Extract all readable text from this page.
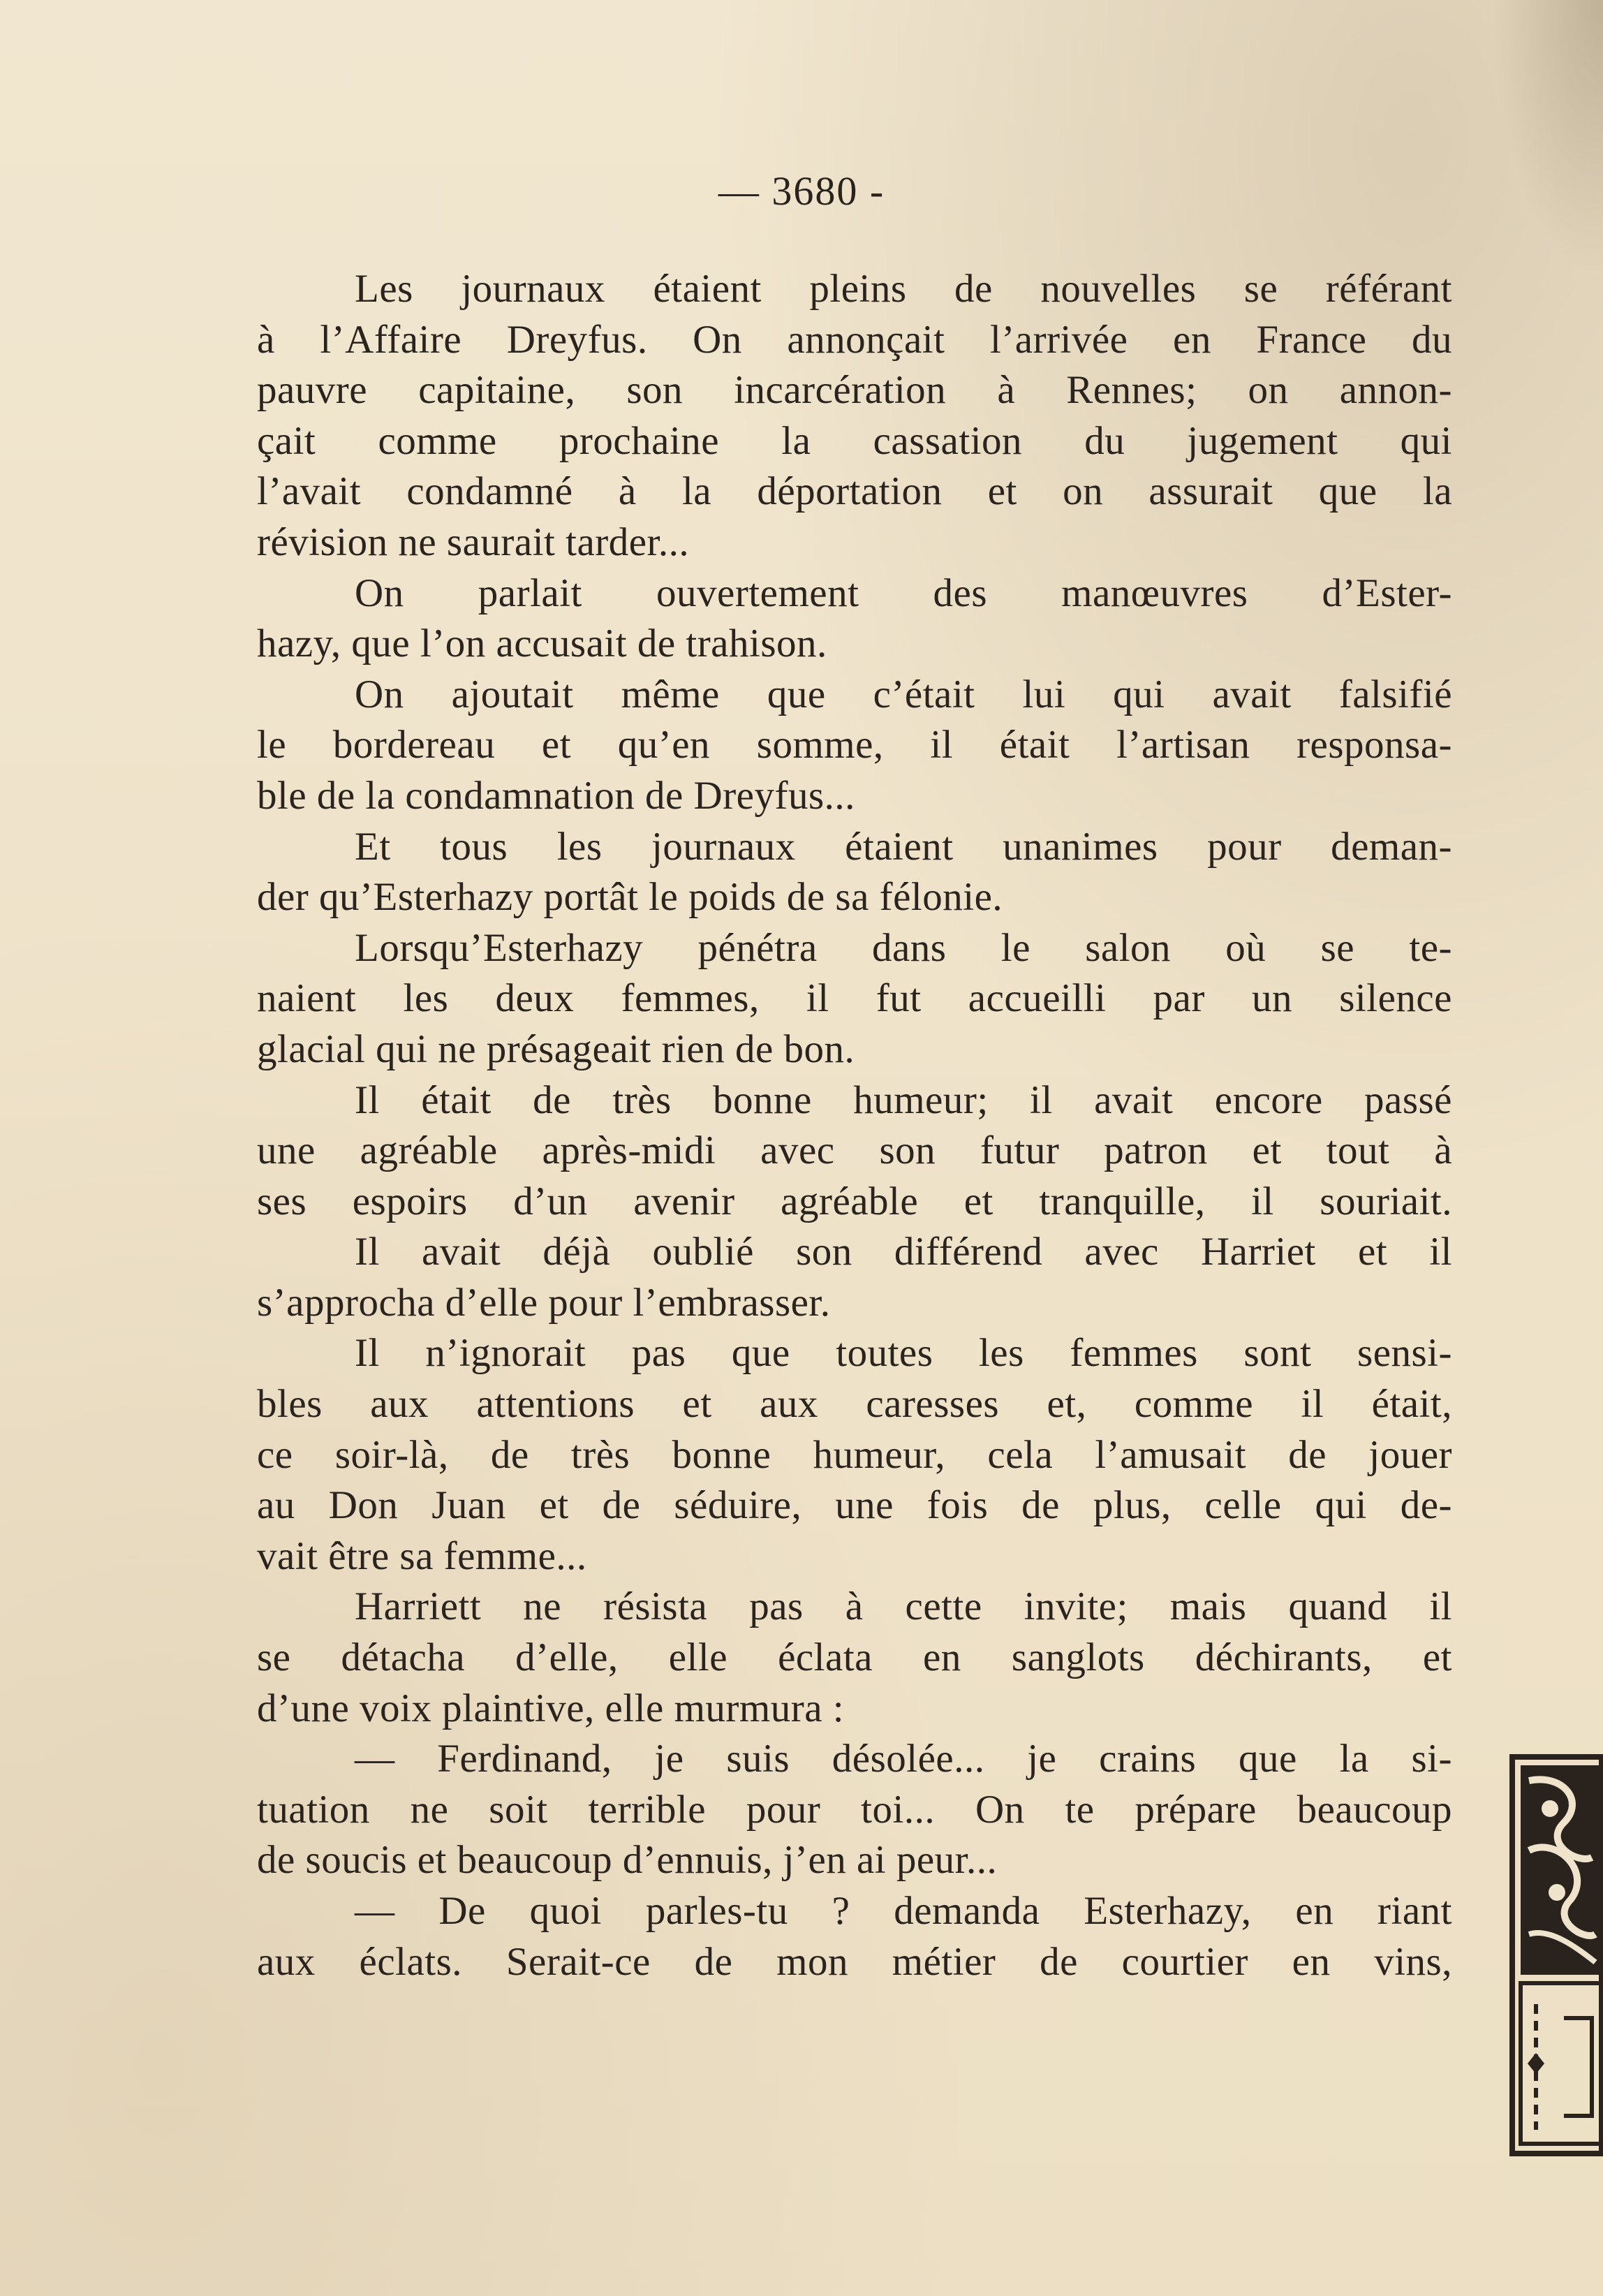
— 3680 -
Les journaux étaient pleins de nouvelles se référant
à l’Affaire Dreyfus. On annonçait l’arrivée en France du
pauvre capitaine, son incarcération à Rennes; on annon-
çait comme prochaine la cassation du jugement qui
l’avait condamné à la déportation et on assurait que la
révision ne saurait tarder...
On parlait ouvertement des manœuvres d’Ester-
hazy, que l’on accusait de trahison.
On ajoutait même que c’était lui qui avait falsifié
le bordereau et qu’en somme, il était l’artisan responsa-
ble de la condamnation de Dreyfus...
Et tous les journaux étaient unanimes pour deman-
der qu’Esterhazy portât le poids de sa félonie.
Lorsqu’Esterhazy pénétra dans le salon où se te-
naient les deux femmes, il fut accueilli par un silence
glacial qui ne présageait rien de bon.
Il était de très bonne humeur; il avait encore passé
une agréable après-midi avec son futur patron et tout à
ses espoirs d’un avenir agréable et tranquille, il souriait.
Il avait déjà oublié son différend avec Harriet et il
s’approcha d’elle pour l’embrasser.
Il n’ignorait pas que toutes les femmes sont sensi-
bles aux attentions et aux caresses et, comme il était,
ce soir-là, de très bonne humeur, cela l’amusait de jouer
au Don Juan et de séduire, une fois de plus, celle qui de-
vait être sa femme...
Harriett ne résista pas à cette invite; mais quand il
se détacha d’elle, elle éclata en sanglots déchirants, et
d’une voix plaintive, elle murmura :
— Ferdinand, je suis désolée... je crains que la si-
tuation ne soit terrible pour toi... On te prépare beaucoup
de soucis et beaucoup d’ennuis, j’en ai peur...
— De quoi parles-tu ? demanda Esterhazy, en riant
aux éclats. Serait-ce de mon métier de courtier en vins,
